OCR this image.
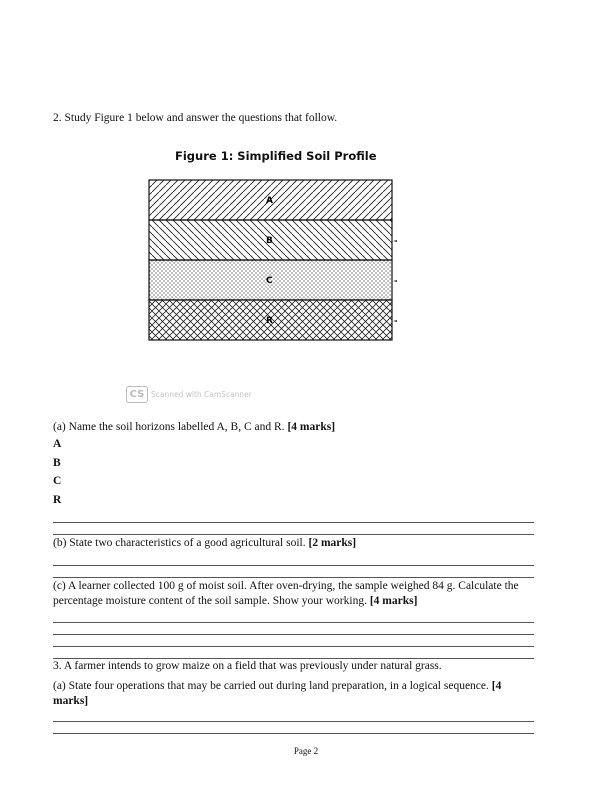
2. Study Figure 1 below and answer the questions that follow.
Figure 1: Simplified Soil Profile
A
B
C
R
CS Scanned with CamScanner
(a) Name the soil horizons labelled A, B, C and R. [4 marks]
A
B
C
R
(b) State two characteristics of a good agricultural soil. [2 marks]
(c) A learner collected 100 g of moist soil. After oven-drying, the sample weighed 84 g. Calculate the
percentage moisture content of the soil sample. Show your working. [4 marks]
3. A farmer intends to grow maize on a field that was previously under natural grass.
(a) State four operations that may be carried out during land preparation, in a logical sequence. [4
marks]
Page 2
